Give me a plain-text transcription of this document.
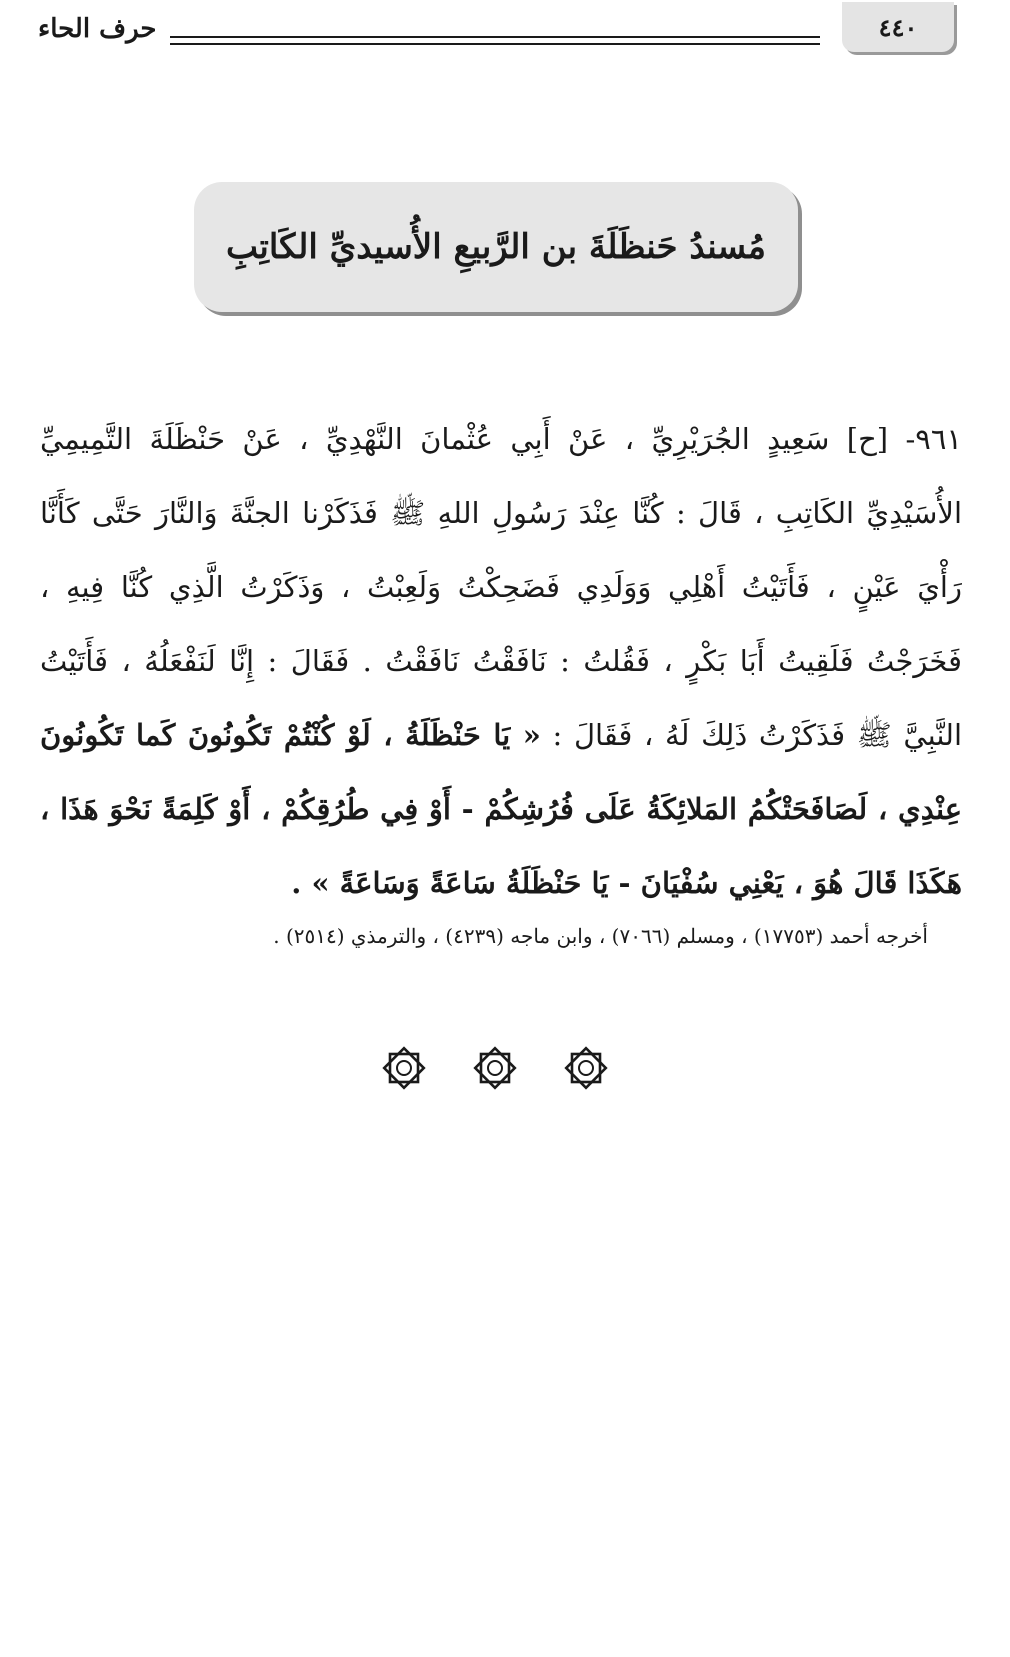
٤٤٠
حرف الحاء
مُسندُ حَنظَلَةَ بن الرَّبيعِ الأُسيديِّ الكَاتِبِ
٩٦١- [ح] سَعِيدٍ الجُرَيْرِيِّ ، عَنْ أَبِي عُثْمانَ النَّهْدِيِّ ، عَنْ حَنْظَلَةَ التَّمِيمِيِّ الأُسَيْدِيِّ الكَاتِبِ ، قَالَ : كُنَّا عِنْدَ رَسُولِ اللهِ ﷺ فَذَكَرْنا الجنَّةَ وَالنَّارَ حَتَّى كَأَنَّا رَأْيَ عَيْنٍ ، فَأَتَيْتُ أَهْلِي وَوَلَدِي فَضَحِكْتُ وَلَعِبْتُ ، وَذَكَرْتُ الَّذِي كُنَّا فِيهِ ، فَخَرَجْتُ فَلَقِيتُ أَبَا بَكْرٍ ، فَقُلتُ : نَافَقْتُ نَافَقْتُ . فَقَالَ : إِنَّا لَنَفْعَلُهُ ، فَأَتَيْتُ النَّبِيَّ ﷺ فَذَكَرْتُ ذَلِكَ لَهُ ، فَقَالَ : « يَا حَنْظَلَةُ ، لَوْ كُنْتُمْ تَكُونُونَ كَما تَكُونُونَ عِنْدِي ، لَصَافَحَتْكُمُ المَلائِكَةُ عَلَى فُرُشِكُمْ - أَوْ فِي طُرُقِكُمْ ، أَوْ كَلِمَةً نَحْوَ هَذَا ، هَكَذَا قَالَ هُوَ ، يَعْنِي سُفْيَانَ - يَا حَنْظَلَةُ سَاعَةً وَسَاعَةً » .
أخرجه أحمد (١٧٧٥٣) ، ومسلم (٧٠٦٦) ، وابن ماجه (٤٢٣٩) ، والترمذي (٢٥١٤) .
